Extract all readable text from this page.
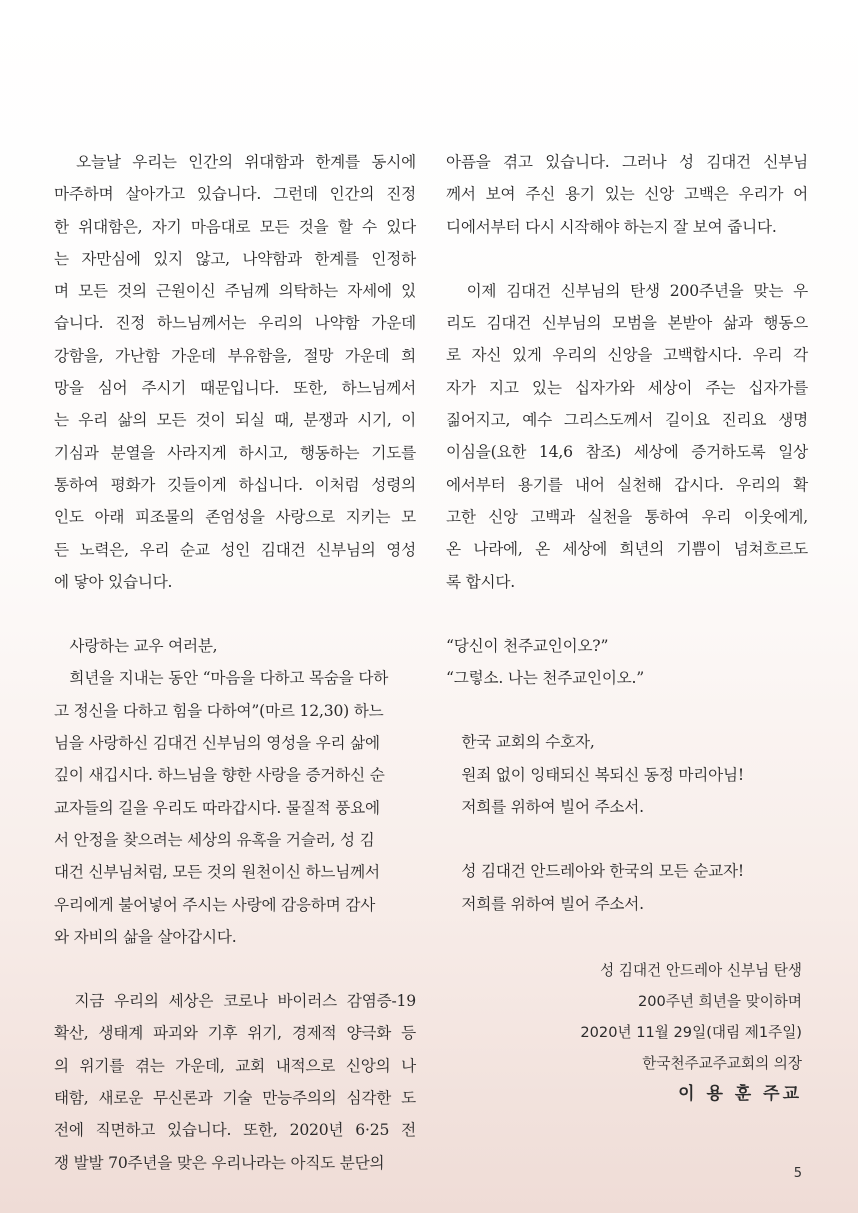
　오늘날 우리는 인간의 위대함과 한계를 동시에
마주하며 살아가고 있습니다. 그런데 인간의 진정
한 위대함은, 자기 마음대로 모든 것을 할 수 있다
는 자만심에 있지 않고, 나약함과 한계를 인정하
며 모든 것의 근원이신 주님께 의탁하는 자세에 있
습니다. 진정 하느님께서는 우리의 나약함 가운데
강함을, 가난함 가운데 부유함을, 절망 가운데 희
망을 심어 주시기 때문입니다. 또한, 하느님께서
는 우리 삶의 모든 것이 되실 때, 분쟁과 시기, 이
기심과 분열을 사라지게 하시고, 행동하는 기도를
통하여 평화가 깃들이게 하십니다. 이처럼 성령의
인도 아래 피조물의 존엄성을 사랑으로 지키는 모
든 노력은, 우리 순교 성인 김대건 신부님의 영성
에 닿아 있습니다.

　사랑하는 교우 여러분,
　희년을 지내는 동안 “마음을 다하고 목숨을 다하
고 정신을 다하고 힘을 다하여”(마르 12,30) 하느
님을 사랑하신 김대건 신부님의 영성을 우리 삶에
깊이 새깁시다. 하느님을 향한 사랑을 증거하신 순
교자들의 길을 우리도 따라갑시다. 물질적 풍요에
서 안정을 찾으려는 세상의 유혹을 거슬러, 성 김
대건 신부님처럼, 모든 것의 원천이신 하느님께서
우리에게 불어넣어 주시는 사랑에 감응하며 감사
와 자비의 삶을 살아갑시다.

　지금 우리의 세상은 코로나 바이러스 감염증-19
확산, 생태계 파괴와 기후 위기, 경제적 양극화 등
의 위기를 겪는 가운데, 교회 내적으로 신앙의 나
태함, 새로운 무신론과 기술 만능주의의 심각한 도
전에 직면하고 있습니다. 또한, 2020년 6·25 전
쟁 발발 70주년을 맞은 우리나라는 아직도 분단의

아픔을 겪고 있습니다. 그러나 성 김대건 신부님
께서 보여 주신 용기 있는 신앙 고백은 우리가 어
디에서부터 다시 시작해야 하는지 잘 보여 줍니다.

　이제 김대건 신부님의 탄생 200주년을 맞는 우
리도 김대건 신부님의 모범을 본받아 삶과 행동으
로 자신 있게 우리의 신앙을 고백합시다. 우리 각
자가 지고 있는 십자가와 세상이 주는 십자가를
짊어지고, 예수 그리스도께서 길이요 진리요 생명
이심을(요한 14,6 참조) 세상에 증거하도록 일상
에서부터 용기를 내어 실천해 갑시다. 우리의 확
고한 신앙 고백과 실천을 통하여 우리 이웃에게,
온 나라에, 온 세상에 희년의 기쁨이 넘쳐흐르도
록 합시다.

“당신이 천주교인이오?”
“그렇소. 나는 천주교인이오.”

　한국 교회의 수호자,
　원죄 없이 잉태되신 복되신 동정 마리아님!
　저희를 위하여 빌어 주소서.

　성 김대건 안드레아와 한국의 모든 순교자!
　저희를 위하여 빌어 주소서.

성 김대건 안드레아 신부님 탄생
200주년 희년을 맞이하며
2020년 11월 29일(대림 제1주일)
한국천주교주교회의 의장
이 용 훈 주교
5
